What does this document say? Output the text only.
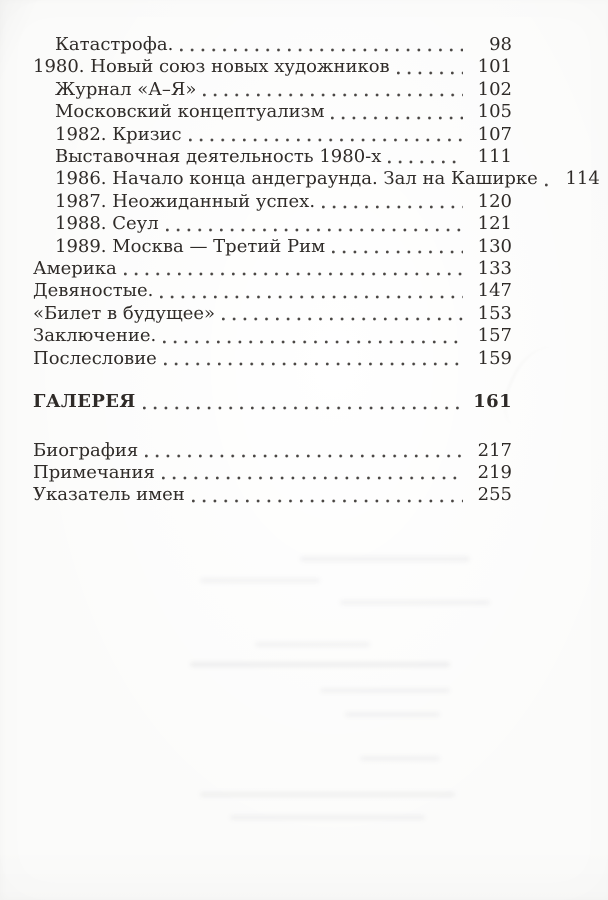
Катастрофа.	98
1980. Новый союз новых художников	101
Журнал «А–Я»	102
Московский концептуализм	105
1982. Кризис	107
Выставочная деятельность 1980-х	111
1986. Начало конца андеграунда. Зал на Каширке	114
1987. Неожиданный успех.	120
1988. Сеул	121
1989. Москва — Третий Рим	130
Америка	133
Девяностые.	147
«Билет в будущее»	153
Заключение.	157
Послесловие	159
ГАЛЕРЕЯ	161
Биография	217
Примечания	219
Указатель имен	255
